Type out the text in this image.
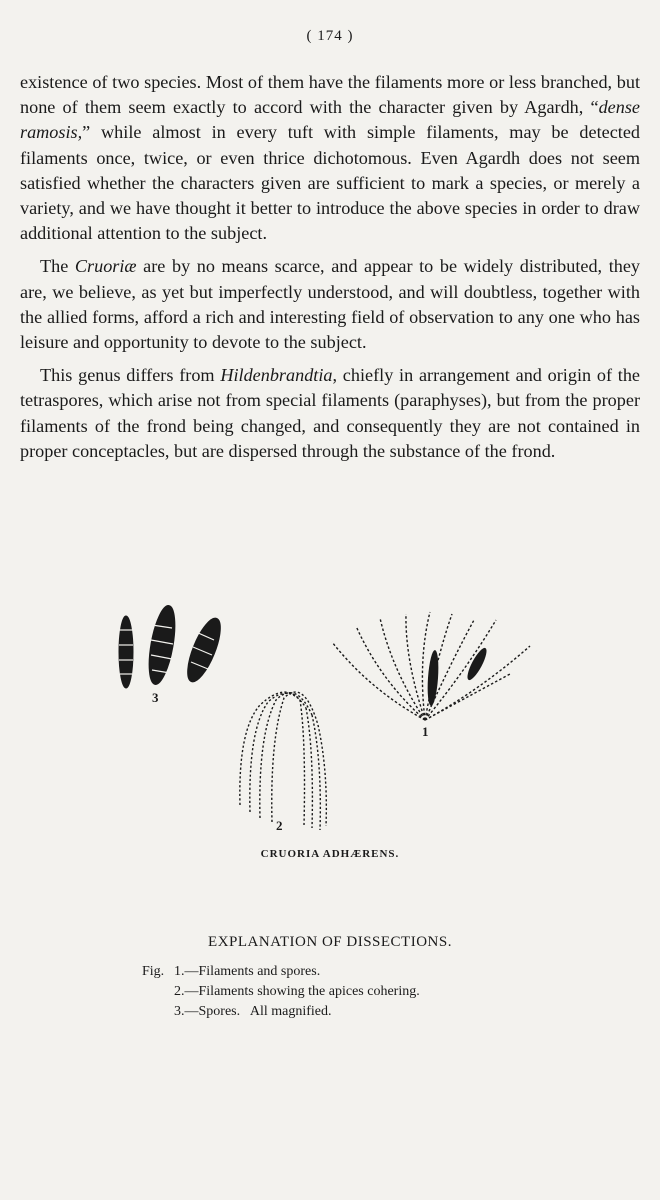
( 174 )

existence of two species. Most of them have the filaments more or less branched, but none of them seem exactly to accord with the character given by Agardh, “dense ramosis,” while almost in every tuft with simple filaments, may be detected filaments once, twice, or even thrice dichotomous. Even Agardh does not seem satisfied whether the characters given are sufficient to mark a species, or merely a variety, and we have thought it better to introduce the above species in order to draw additional attention to the subject.

The Cruoriæ are by no means scarce, and appear to be widely distributed, they are, we believe, as yet but imperfectly understood, and will doubtless, together with the allied forms, afford a rich and interesting field of observation to any one who has leisure and opportunity to devote to the subject.

This genus differs from Hildenbrandtia, chiefly in arrangement and origin of the tetraspores, which arise not from special filaments (paraphyses), but from the proper filaments of the frond being changed, and consequently they are not contained in proper conceptacles, but are dispersed through the substance of the frond.

3
1
2
CRUORIA ADHÆRENS.
EXPLANATION OF DISSECTIONS.
Fig. 1.—Filaments and spores.
2.—Filaments showing the apices cohering.
3.—Spores.   All magnified.
